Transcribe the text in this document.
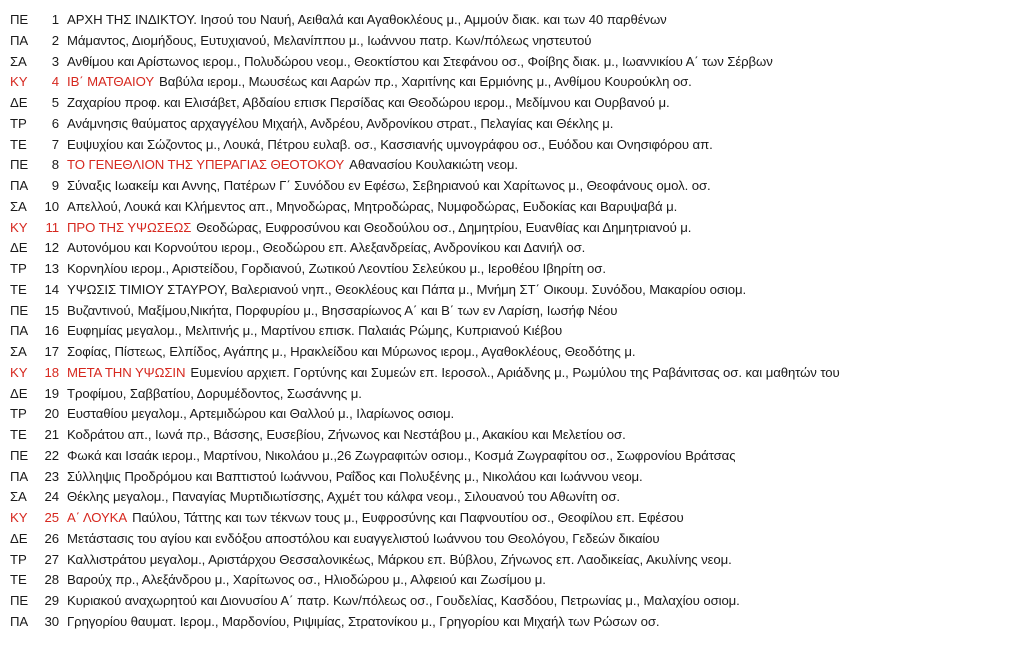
ΠΕ	1 ΑΡΧΗ ΤΗΣ ΙΝΔΙΚΤΟΥ. Ιησού του Ναυή, Αειθαλά και Αγαθοκλέους μ., Αμμούν διακ. και των 40 παρθένων
ΠΑ	2 Μάμαντος, Διομήδους, Ευτυχιανού, Μελανίππου μ., Ιωάννου πατρ. Κων/πόλεως νηστευτού
ΣΑ	3 Ανθίμου και Αρίστωνος ιερομ., Πολυδώρου νεομ., Θεοκτίστου και Στεφάνου οσ., Φοίβης διακ. μ., Ιωαννικίου Α΄ των Σέρβων
ΚΥ	4 ΙΒ΄ ΜΑΤΘΑΙΟΥ Βαβύλα ιερομ., Μωυσέως και Ααρών πρ., Χαριτίνης και Ερμιόνης μ., Ανθίμου Κουρούκλη οσ.
ΔΕ	5 Ζαχαρίου προφ. και Ελισάβετ, Αβδαίου επισκ Περσίδας και Θεοδώρου ιερομ., Μεδίμνου και Ουρβανού μ.
ΤΡ	6 Ανάμνησις θαύματος αρχαγγέλου Μιχαήλ, Ανδρέου, Ανδρονίκου στρατ., Πελαγίας και Θέκλης μ.
ΤΕ	7 Ευψυχίου και Σώζοντος μ., Λουκά, Πέτρου ευλαβ. οσ., Κασσιανής υμνογράφου οσ., Ευόδου και Ονησιφόρου απ.
ΠΕ	8 ΤΟ ΓΕΝΕΘΛΙΟΝ ΤΗΣ ΥΠΕΡΑΓΙΑΣ ΘΕΟΤΟΚΟΥ Αθανασίου Κουλακιώτη νεομ.
ΠΑ	9 Σύναξις Ιωακείμ και Αννης, Πατέρων Γ΄ Συνόδου εν Εφέσω, Σεβηριανού και Χαρίτωνος μ., Θεοφάνους ομολ. οσ.
ΣΑ	10 Απελλού, Λουκά και Κλήμεντος απ., Μηνοδώρας, Μητροδώρας, Νυμφοδώρας, Ευδοκίας και Βαρυψαβά μ.
ΚΥ	11 ΠΡΟ ΤΗΣ ΥΨΩΣΕΩΣ Θεοδώρας, Ευφροσύνου και Θεοδούλου οσ., Δημητρίου, Ευανθίας και Δημητριανού μ.
ΔΕ	12 Αυτονόμου και Κορνούτου ιερομ., Θεοδώρου επ. Αλεξανδρείας, Ανδρονίκου και Δανιήλ οσ.
ΤΡ	13 Κορνηλίου ιερομ., Αριστείδου, Γορδιανού, Ζωτικού Λεοντίου Σελεύκου μ., Ιεροθέου Ιβηρίτη οσ.
ΤΕ	14 ΥΨΩΣΙΣ ΤΙΜΙΟΥ ΣΤΑΥΡΟΥ, Βαλεριανού νηπ., Θεοκλέους και Πάπα μ., Μνήμη ΣΤ΄ Οικουμ. Συνόδου, Μακαρίου οσιομ.
ΠΕ	15 Βυζαντινού, Μαξίμου,Νικήτα, Πορφυρίου μ., Βησσαρίωνος Α΄ και Β΄ των εν Λαρίση, Ιωσήφ Νέου
ΠΑ	16 Ευφημίας μεγαλομ., Μελιτινής μ., Μαρτίνου επισκ. Παλαιάς Ρώμης, Κυπριανού Κιέβου
ΣΑ	17 Σοφίας, Πίστεως, Ελπίδος, Αγάπης μ., Ηρακλείδου και Μύρωνος ιερομ., Αγαθοκλέους, Θεοδότης μ.
ΚΥ	18 ΜΕΤΑ ΤΗΝ ΥΨΩΣΙΝ Ευμενίου αρχιεπ. Γορτύνης και Συμεών επ. Ιεροσολ., Αριάδνης μ., Ρωμύλου της Ραβάνιτσας οσ. και μαθητών του
ΔΕ	19 Τροφίμου, Σαββατίου, Δορυμέδοντος, Σωσάννης μ.
ΤΡ	20 Ευσταθίου μεγαλομ., Αρτεμιδώρου και Θαλλού μ., Ιλαρίωνος οσιομ.
ΤΕ	21 Κοδράτου απ., Ιωνά πρ., Βάσσης, Ευσεβίου, Ζήνωνος και Νεστάβου μ., Ακακίου και Μελετίου οσ.
ΠΕ	22 Φωκά και Ισαάκ ιερομ., Μαρτίνου, Νικολάου μ.,26 Ζωγραφιτών οσιομ., Κοσμά Ζωγραφίτου οσ., Σωφρονίου Βράτσας
ΠΑ	23 Σύλληψις Προδρόμου και Βαπτιστού Ιωάννου, Ραΐδος και Πολυξένης μ., Νικολάου και Ιωάννου νεομ.
ΣΑ	24 Θέκλης μεγαλομ., Παναγίας Μυρτιδιωτίσσης, Αχμέτ του κάλφα νεομ., Σιλουανού του Αθωνίτη οσ.
ΚΥ	25 Α΄ ΛΟΥΚΑ Παύλου, Τάττης και των τέκνων τους μ., Ευφροσύνης και Παφνουτίου οσ., Θεοφίλου επ. Εφέσου
ΔΕ	26 Μετάστασις του αγίου και ενδόξου αποστόλου και ευαγγελιστού Ιωάννου του Θεολόγου, Γεδεών δικαίου
ΤΡ	27 Καλλιστράτου μεγαλομ., Αριστάρχου Θεσσαλονικέως, Μάρκου επ. Βύβλου, Ζήνωνος επ. Λαοδικείας, Ακυλίνης νεομ.
ΤΕ	28 Βαρούχ πρ., Αλεξάνδρου μ., Χαρίτωνος οσ., Ηλιοδώρου μ., Αλφειού και Ζωσίμου μ.
ΠΕ	29 Κυριακού αναχωρητού και Διονυσίου Α΄ πατρ. Κων/πόλεως οσ., Γουδελίας, Κασδόου, Πετρωνίας μ., Μαλαχίου οσιομ.
ΠΑ	30 Γρηγορίου θαυματ. Ιερομ., Μαρδονίου, Ριψιμίας, Στρατονίκου μ., Γρηγορίου και Μιχαήλ των Ρώσων οσ.
